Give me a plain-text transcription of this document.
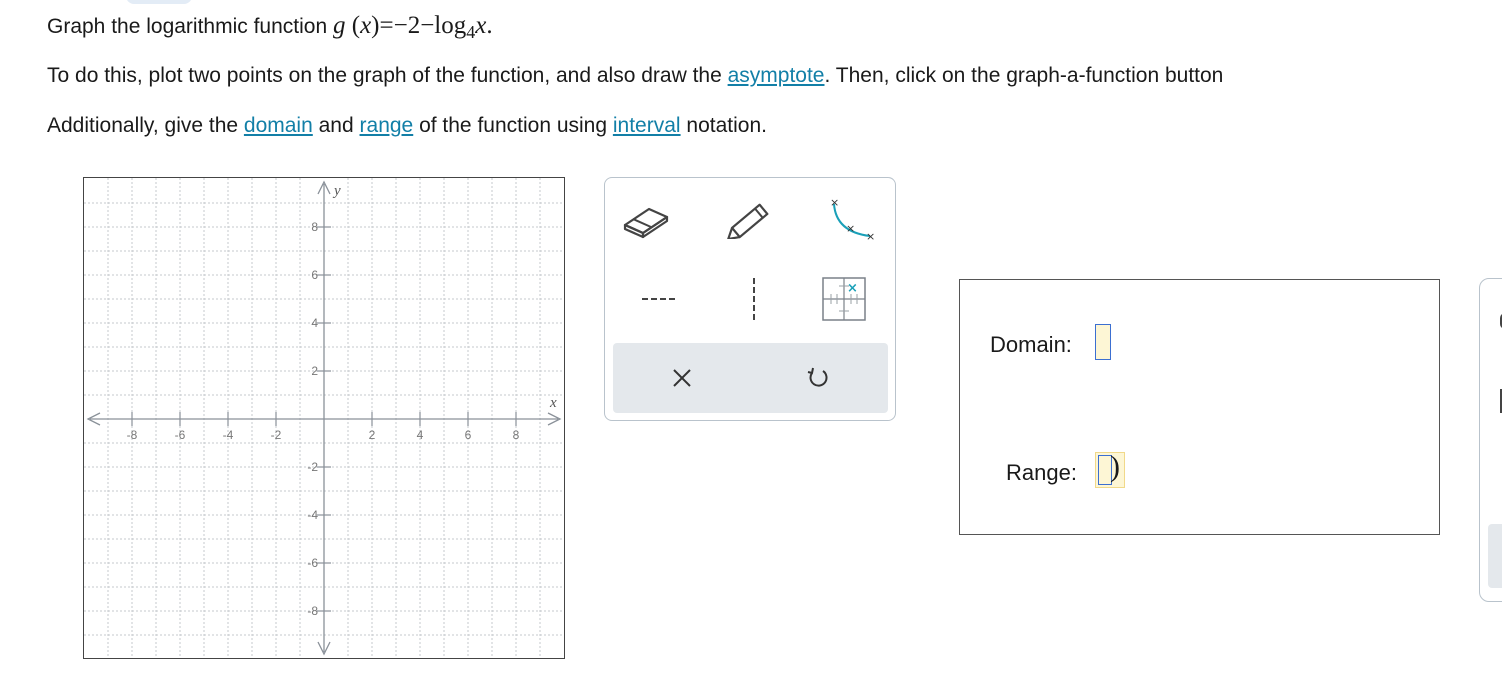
Graph the logarithmic function g $(x)=-2-\log_4x$.
To do this, plot two points on the graph of the function, and also draw the asymptote. Then, click on the graph-a-function button
Additionally, give the domain and range of the function using interval notation.
-8	-6	-4	-2	2	4	6	8
8
6
4
2
-2
-4
-6
-8
x
y
×
×
×
×
Domain:
Range: )
